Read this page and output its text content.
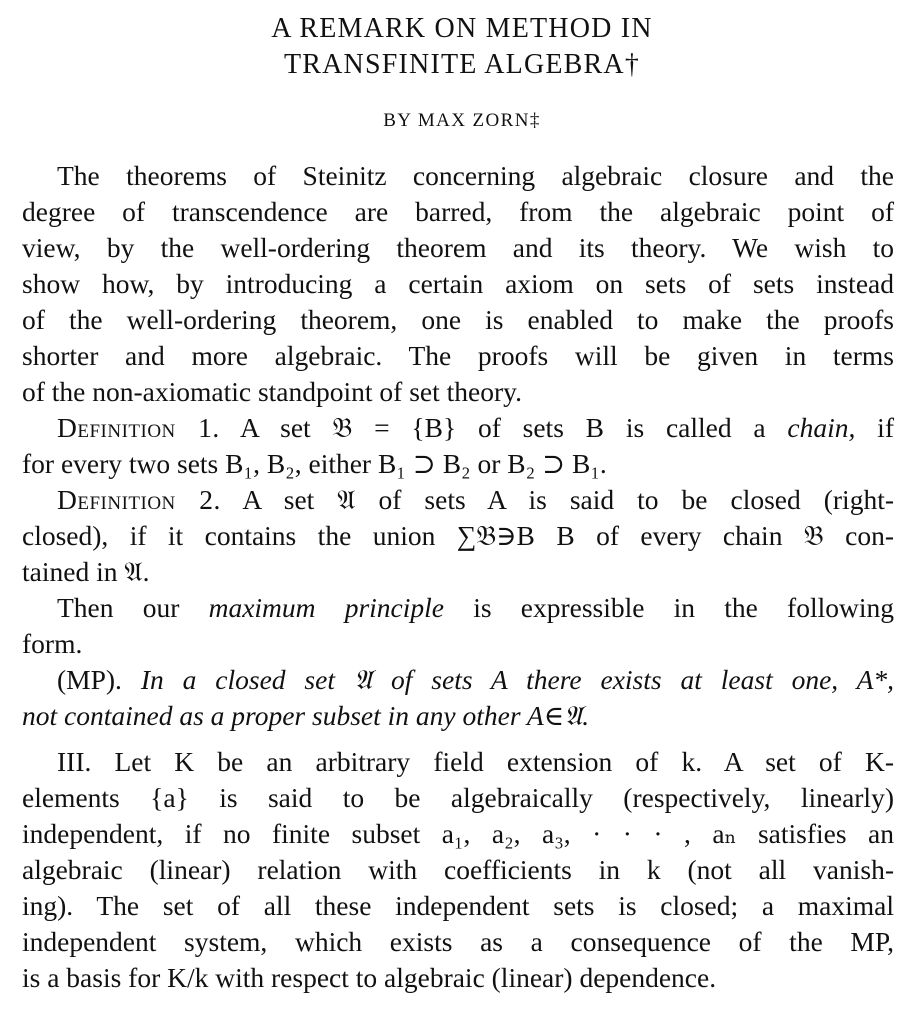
A REMARK ON METHOD IN
TRANSFINITE ALGEBRA†
BY MAX ZORN‡
The theorems of Steinitz concerning algebraic closure and the
degree of transcendence are barred, from the algebraic point of
view, by the well-ordering theorem and its theory. We wish to
show how, by introducing a certain axiom on sets of sets instead
of the well-ordering theorem, one is enabled to make the proofs
shorter and more algebraic. The proofs will be given in terms
of the non-axiomatic standpoint of set theory.
Definition 1. A set 𝔅 = {B} of sets B is called a chain, if
for every two sets B₁, B₂, either B₁ ⊃ B₂ or B₂ ⊃ B₁.
Definition 2. A set 𝔄 of sets A is said to be closed (right-
closed), if it contains the union ∑𝔅∋B B of every chain 𝔅 con-
tained in 𝔄.
Then our maximum principle is expressible in the following
form.
(MP). In a closed set 𝔄 of sets A there exists at least one, A*,
not contained as a proper subset in any other A∈𝔄.
III. Let K be an arbitrary field extension of k. A set of K-
elements {a} is said to be algebraically (respectively, linearly)
independent, if no finite subset a₁, a₂, a₃, · · · , aₙ satisfies an
algebraic (linear) relation with coefficients in k (not all vanish-
ing). The set of all these independent sets is closed; a maximal
independent system, which exists as a consequence of the MP,
is a basis for K/k with respect to algebraic (linear) dependence.
